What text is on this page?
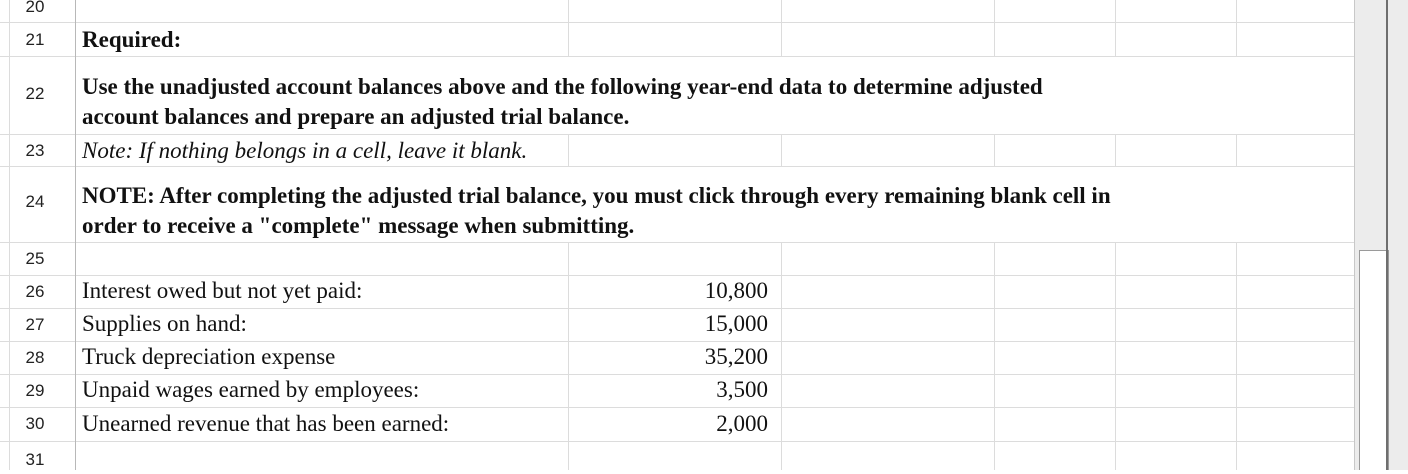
20
21
22
23
24
25
26
27
28
29
30
31
Required:
Use the unadjusted account balances above and the following year-end data to determine adjusted
account balances and prepare an adjusted trial balance.
Note: If nothing belongs in a cell, leave it blank.
NOTE: After completing the adjusted trial balance, you must click through every remaining blank cell in
order to receive a "complete" message when submitting.
Interest owed but not yet paid:	10,800
Supplies on hand:	15,000
Truck depreciation expense	35,200
Unpaid wages earned by employees:	3,500
Unearned revenue that has been earned:	2,000
